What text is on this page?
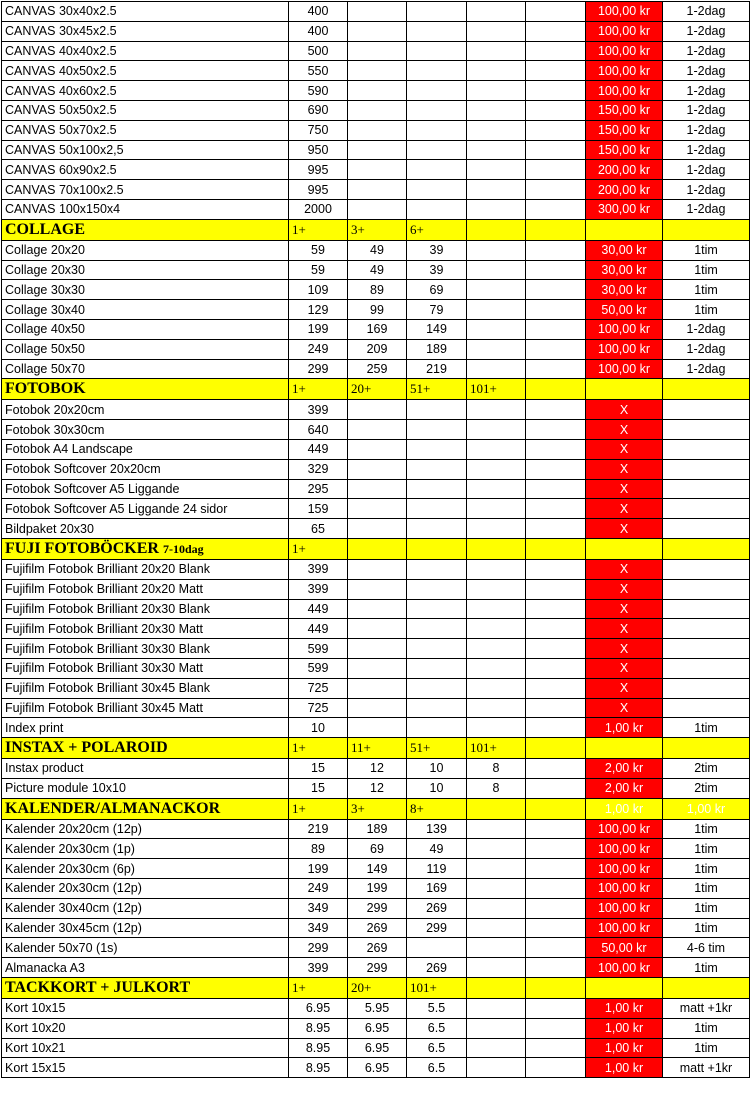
CANVAS 30x40x2.5	400					100,00 kr	1-2dag
CANVAS 30x45x2.5	400					100,00 kr	1-2dag
CANVAS 40x40x2.5	500					100,00 kr	1-2dag
CANVAS 40x50x2.5	550					100,00 kr	1-2dag
CANVAS 40x60x2.5	590					100,00 kr	1-2dag
CANVAS 50x50x2.5	690					150,00 kr	1-2dag
CANVAS 50x70x2.5	750					150,00 kr	1-2dag
CANVAS 50x100x2,5	950					150,00 kr	1-2dag
CANVAS 60x90x2.5	995					200,00 kr	1-2dag
CANVAS 70x100x2.5	995					200,00 kr	1-2dag
CANVAS 100x150x4	2000					300,00 kr	1-2dag
COLLAGE	1+	3+	6+				
Collage 20x20	59	49	39			30,00 kr	1tim
Collage 20x30	59	49	39			30,00 kr	1tim
Collage 30x30	109	89	69			30,00 kr	1tim
Collage 30x40	129	99	79			50,00 kr	1tim
Collage 40x50	199	169	149			100,00 kr	1-2dag
Collage 50x50	249	209	189			100,00 kr	1-2dag
Collage 50x70	299	259	219			100,00 kr	1-2dag
FOTOBOK	1+	20+	51+	101+			
Fotobok 20x20cm	399					X	
Fotobok 30x30cm	640					X	
Fotobok A4 Landscape	449					X	
Fotobok Softcover 20x20cm	329					X	
Fotobok Softcover A5 Liggande	295					X	
Fotobok Softcover A5 Liggande 24 sidor	159					X	
Bildpaket 20x30	65					X	
FUJI FOTOBÖCKER 7-10dag	1+						
Fujifilm Fotobok Brilliant 20x20 Blank	399					X	
Fujifilm Fotobok Brilliant 20x20 Matt	399					X	
Fujifilm Fotobok Brilliant 20x30 Blank	449					X	
Fujifilm Fotobok Brilliant 20x30 Matt	449					X	
Fujifilm Fotobok Brilliant 30x30 Blank	599					X	
Fujifilm Fotobok Brilliant 30x30 Matt	599					X	
Fujifilm Fotobok Brilliant 30x45 Blank	725					X	
Fujifilm Fotobok Brilliant 30x45 Matt	725					X	
Index print	10					1,00 kr	1tim
INSTAX + POLAROID	1+	11+	51+	101+			
Instax product	15	12	10	8		2,00 kr	2tim
Picture module 10x10	15	12	10	8		2,00 kr	2tim
KALENDER/ALMANACKOR	1+	3+	8+			1,00 kr	1,00 kr
Kalender 20x20cm (12p)	219	189	139			100,00 kr	1tim
Kalender 20x30cm (1p)	89	69	49			100,00 kr	1tim
Kalender 20x30cm (6p)	199	149	119			100,00 kr	1tim
Kalender 20x30cm (12p)	249	199	169			100,00 kr	1tim
Kalender 30x40cm (12p)	349	299	269			100,00 kr	1tim
Kalender 30x45cm (12p)	349	269	299			100,00 kr	1tim
Kalender 50x70 (1s)	299	269				50,00 kr	4-6 tim
Almanacka A3	399	299	269			100,00 kr	1tim
TACKKORT + JULKORT	1+	20+	101+				
Kort 10x15	6.95	5.95	5.5			1,00 kr	matt +1kr
Kort 10x20	8.95	6.95	6.5			1,00 kr	1tim
Kort 10x21	8.95	6.95	6.5			1,00 kr	1tim
Kort 15x15	8.95	6.95	6.5			1,00 kr	matt +1kr
